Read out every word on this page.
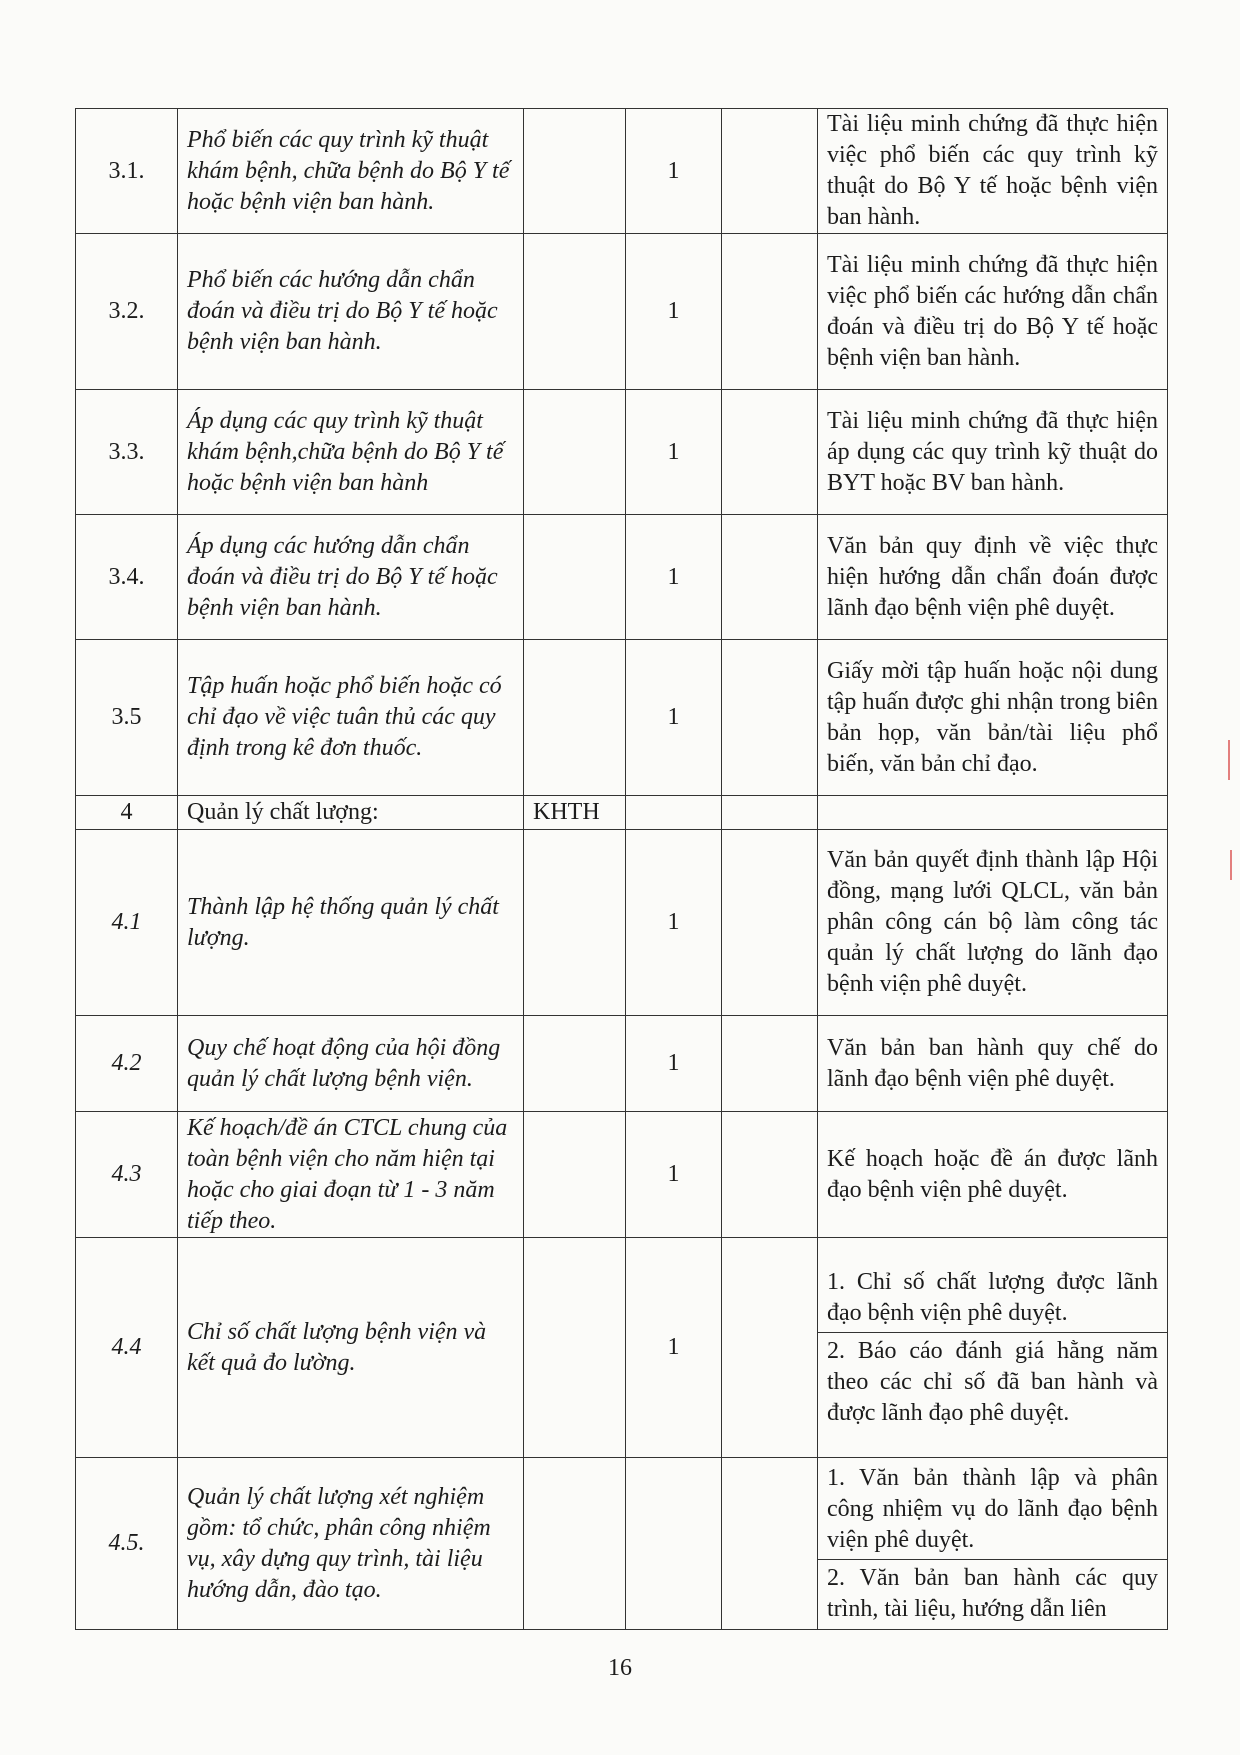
3.1.	Phổ biến các quy trình kỹ thuật khám bệnh, chữa bệnh do Bộ Y tế hoặc bệnh viện ban hành.		1		Tài liệu minh chứng đã thực hiện việc phổ biến các quy trình kỹ thuật do Bộ Y tế hoặc bệnh viện ban hành.
3.2.	Phổ biến các hướng dẫn chẩn đoán và điều trị do Bộ Y tế hoặc bệnh viện ban hành.		1		Tài liệu minh chứng đã thực hiện việc phổ biến các hướng dẫn chẩn đoán và điều trị do Bộ Y tế hoặc bệnh viện ban hành.
3.3.	Áp dụng các quy trình kỹ thuật khám bệnh,chữa bệnh do Bộ Y tế hoặc bệnh viện ban hành		1		Tài liệu minh chứng đã thực hiện áp dụng các quy trình kỹ thuật do BYT hoặc BV ban hành.
3.4.	Áp dụng các hướng dẫn chẩn đoán và điều trị do Bộ Y tế hoặc bệnh viện ban hành.		1		Văn bản quy định về việc thực hiện hướng dẫn chẩn đoán được lãnh đạo bệnh viện phê duyệt.
3.5	Tập huấn hoặc phổ biến hoặc có chỉ đạo về việc tuân thủ các quy định trong kê đơn thuốc.		1		Giấy mời tập huấn hoặc nội dung tập huấn được ghi nhận trong biên bản họp, văn bản/tài liệu phổ biến, văn bản chỉ đạo.
4	Quản lý chất lượng:	KHTH			
4.1	Thành lập hệ thống quản lý chất lượng.		1		Văn bản quyết định thành lập Hội đồng, mạng lưới QLCL, văn bản phân công cán bộ làm công tác quản lý chất lượng do lãnh đạo bệnh viện phê duyệt.
4.2	Quy chế hoạt động của hội đồng quản lý chất lượng bệnh viện.		1		Văn bản ban hành quy chế do lãnh đạo bệnh viện phê duyệt.
4.3	Kế hoạch/đề án CTCL chung của toàn bệnh viện cho năm hiện tại hoặc cho giai đoạn từ 1 - 3 năm tiếp theo.		1		Kế hoạch hoặc đề án được lãnh đạo bệnh viện phê duyệt.
4.4	Chỉ số chất lượng bệnh viện và kết quả đo lường.		1		1. Chỉ số chất lượng được lãnh đạo bệnh viện phê duyệt.
2. Báo cáo đánh giá hằng năm theo các chỉ số đã ban hành và được lãnh đạo phê duyệt.

4.5.	Quản lý chất lượng xét nghiệm gồm: tổ chức, phân công nhiệm vụ, xây dựng quy trình, tài liệu hướng dẫn, đào tạo.				1. Văn bản thành lập và phân công nhiệm vụ do lãnh đạo bệnh viện phê duyệt.
2. Văn bản ban hành các quy trình, tài liệu, hướng dẫn liên
16
